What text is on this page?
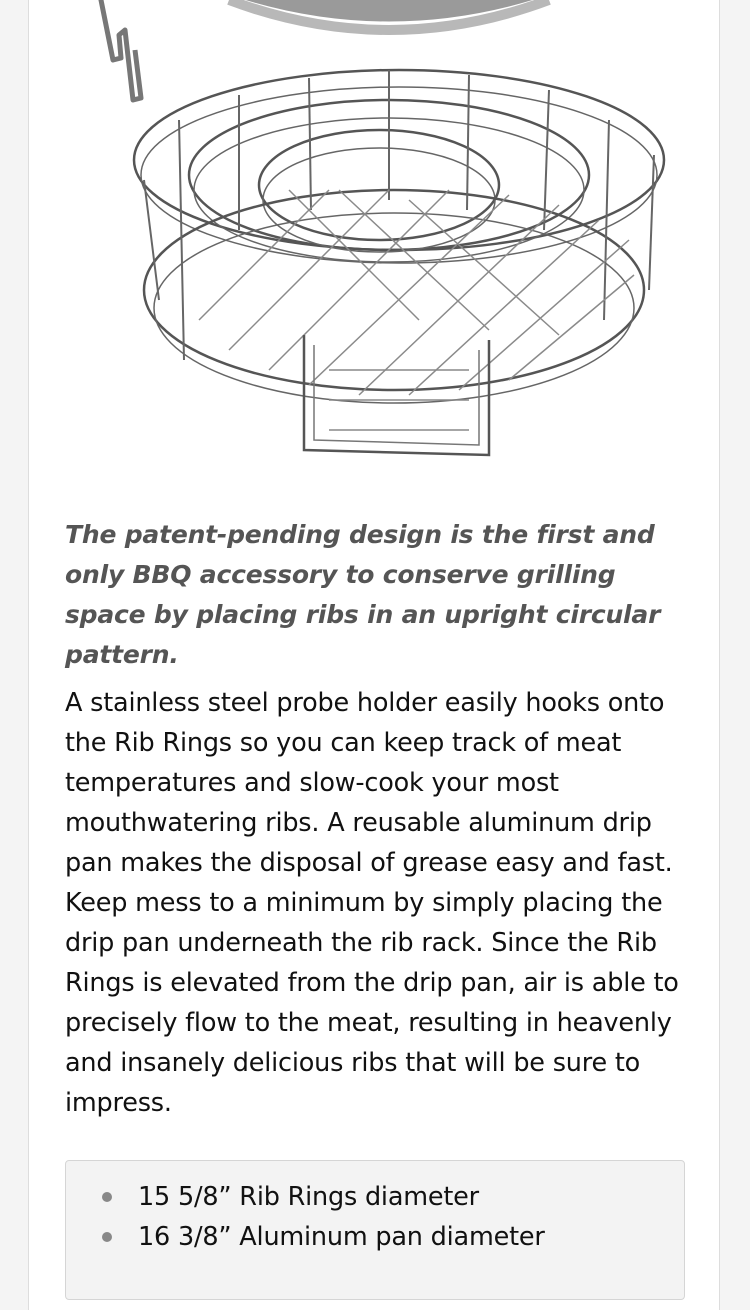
The patent-pending design is the first and only BBQ accessory to conserve grilling space by placing ribs in an upright circular pattern.

A stainless steel probe holder easily hooks onto the Rib Rings so you can keep track of meat temperatures and slow-cook your most mouthwatering ribs. A reusable aluminum drip pan makes the disposal of grease easy and fast. Keep mess to a minimum by simply placing the drip pan underneath the rib rack. Since the Rib Rings is elevated from the drip pan, air is able to precisely flow to the meat, resulting in heavenly and insanely delicious ribs that will be sure to impress.

15 5/8” Rib Rings diameter
16 3/8” Aluminum pan diameter
